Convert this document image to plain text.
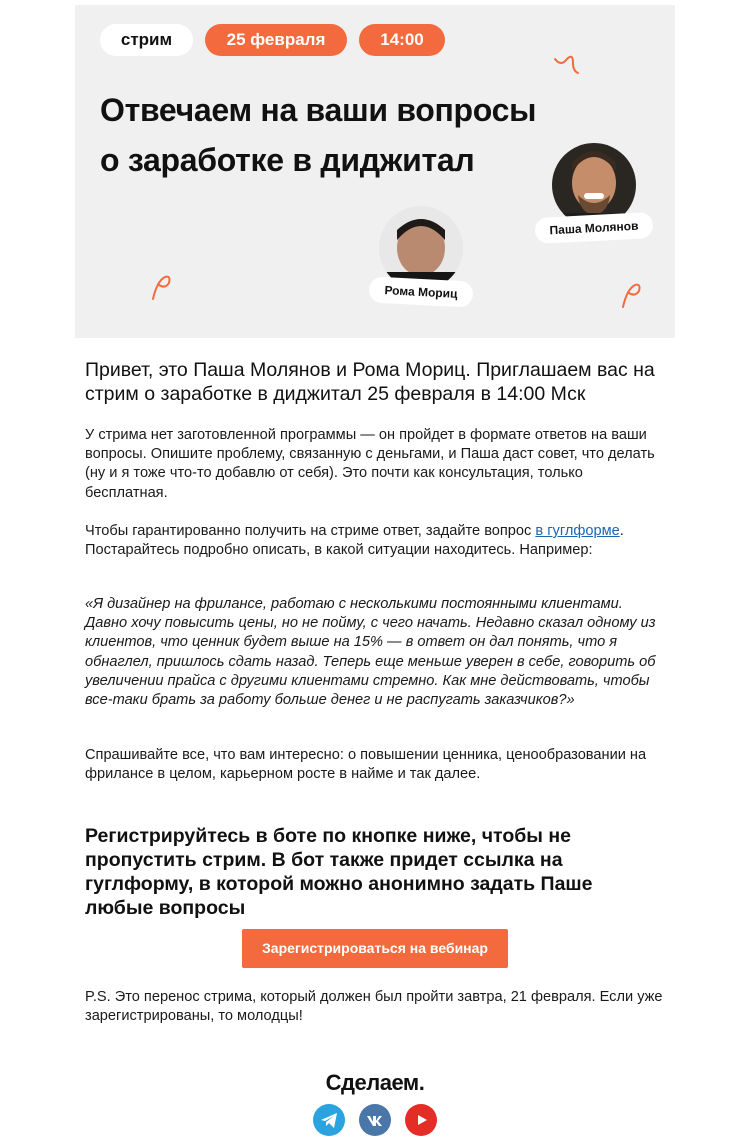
стрим	25 февраля	14:00
Отвечаем на ваши вопросы о заработке в диджитал
Паша Молянов
Рома Мориц
Привет, это Паша Молянов и Рома Мориц. Приглашаем вас на стрим о заработке в диджитал 25 февраля в 14:00 Мск
У стрима нет заготовленной программы — он пройдет в формате ответов на ваши вопросы. Опишите проблему, связанную с деньгами, и Паша даст совет, что делать (ну и я тоже что-то добавлю от себя). Это почти как консультация, только бесплатная.
Чтобы гарантированно получить на стриме ответ, задайте вопрос в гуглформе. Постарайтесь подробно описать, в какой ситуации находитесь. Например:
«Я дизайнер на фрилансе, работаю с несколькими постоянными клиентами. Давно хочу повысить цены, но не пойму, с чего начать. Недавно сказал одному из клиентов, что ценник будет выше на 15% — в ответ он дал понять, что я обнаглел, пришлось сдать назад. Теперь еще меньше уверен в себе, говорить об увеличении прайса с другими клиентами стремно. Как мне действовать, чтобы все-таки брать за работу больше денег и не распугать заказчиков?»
Спрашивайте все, что вам интересно: о повышении ценника, ценообразовании на фрилансе в целом, карьерном росте в найме и так далее.
Регистрируйтесь в боте по кнопке ниже, чтобы не пропустить стрим. В бот также придет ссылка на гуглформу, в которой можно анонимно задать Паше любые вопросы
Зарегистрироваться на вебинар
P.S. Это перенос стрима, который должен был пройти завтра, 21 февраля. Если уже зарегистрированы, то молодцы!
Сделаем.
